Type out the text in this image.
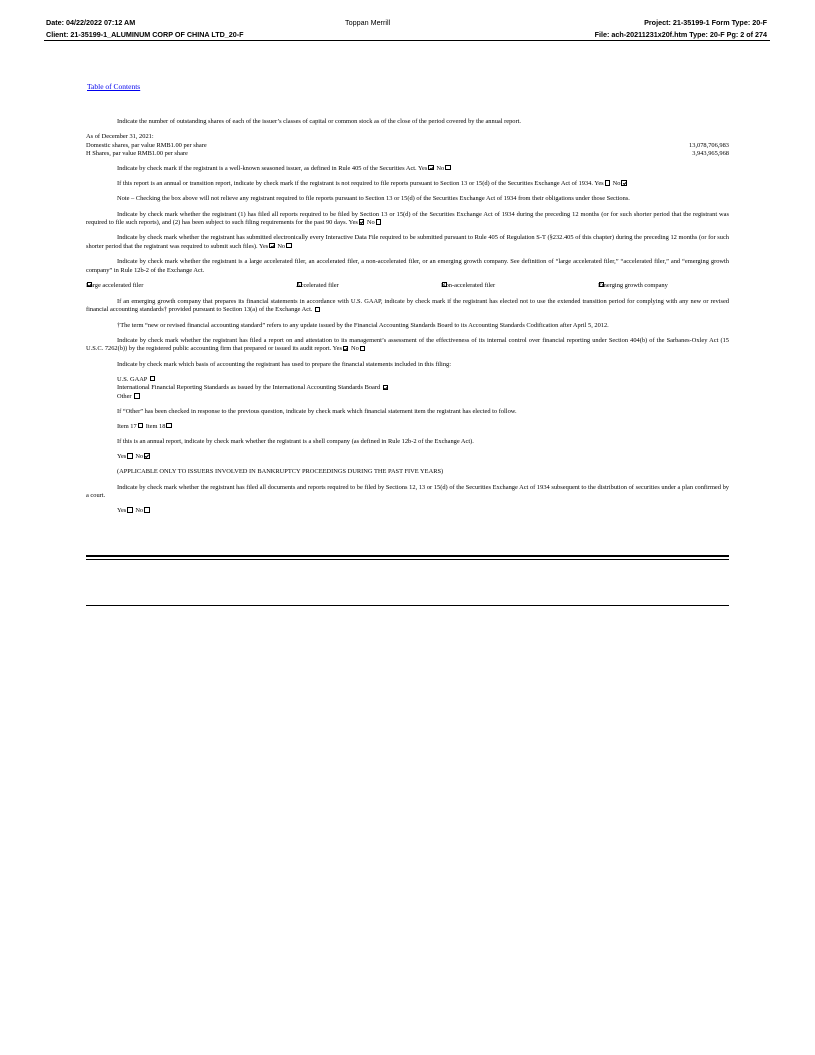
Date: 04/22/2022 07:12 AM	Toppan Merrill	Project: 21-35199-1 Form Type: 20-F
Client: 21-35199-1_ALUMINUM CORP OF CHINA LTD_20-F	File: ach-20211231x20f.htm Type: 20-F Pg: 2 of 274
Table of Contents

Indicate the number of outstanding shares of each of the issuer’s classes of capital or common stock as of the close of the period covered by the annual report.

As of December 31, 2021:
Domestic shares, par value RMB1.00 per share	13,078,706,983
H Shares, par value RMB1.00 per share	3,943,965,968

Indicate by check mark if the registrant is a well-known seasoned issuer, as defined in Rule 405 of the Securities Act. Yes No

If this report is an annual or transition report, indicate by check mark if the registrant is not required to file reports pursuant to Section 13 or 15(d) of the Securities Exchange Act of 1934. Yes No

Note – Checking the box above will not relieve any registrant required to file reports pursuant to Section 13 or 15(d) of the Securities Exchange Act of 1934 from their obligations under those Sections.

Indicate by check mark whether the registrant (1) has filed all reports required to be filed by Section 13 or 15(d) of the Securities Exchange Act of 1934 during the preceding 12 months (or for such shorter period that the registrant was required to file such reports), and (2) has been subject to such filing requirements for the past 90 days. Yes No

Indicate by check mark whether the registrant has submitted electronically every Interactive Data File required to be submitted pursuant to Rule 405 of Regulation S-T (§232.405 of this chapter) during the preceding 12 months (or for such shorter period that the registrant was required to submit such files). Yes No

Indicate by check mark whether the registrant is a large accelerated filer, an accelerated filer, a non-accelerated filer, or an emerging growth company. See definition of “large accelerated filer,” “accelerated filer,” and “emerging growth company” in Rule 12b-2 of the Exchange Act.

Large accelerated filer	Accelerated filer	Non-accelerated filer	Emerging growth company

If an emerging growth company that prepares its financial statements in accordance with U.S. GAAP, indicate by check mark if the registrant has elected not to use the extended transition period for complying with any new or revised financial accounting standards† provided pursuant to Section 13(a) of the Exchange Act.

†The term “new or revised financial accounting standard” refers to any update issued by the Financial Accounting Standards Board to its Accounting Standards Codification after April 5, 2012.

Indicate by check mark whether the registrant has filed a report on and attestation to its management’s assessment of the effectiveness of its internal control over financial reporting under Section 404(b) of the Sarbanes-Oxley Act (15 U.S.C. 7262(b)) by the registered public accounting firm that prepared or issued its audit report. Yes No

Indicate by check mark which basis of accounting the registrant has used to prepare the financial statements included in this filing:

U.S. GAAP
International Financial Reporting Standards as issued by the International Accounting Standards Board
Other

If “Other” has been checked in response to the previous question, indicate by check mark which financial statement item the registrant has elected to follow.

Item 17 Item 18

If this is an annual report, indicate by check mark whether the registrant is a shell company (as defined in Rule 12b-2 of the Exchange Act).

Yes No

(APPLICABLE ONLY TO ISSUERS INVOLVED IN BANKRUPTCY PROCEEDINGS DURING THE PAST FIVE YEARS)

Indicate by check mark whether the registrant has filed all documents and reports required to be filed by Sections 12, 13 or 15(d) of the Securities Exchange Act of 1934 subsequent to the distribution of securities under a plan confirmed by a court.

Yes No
